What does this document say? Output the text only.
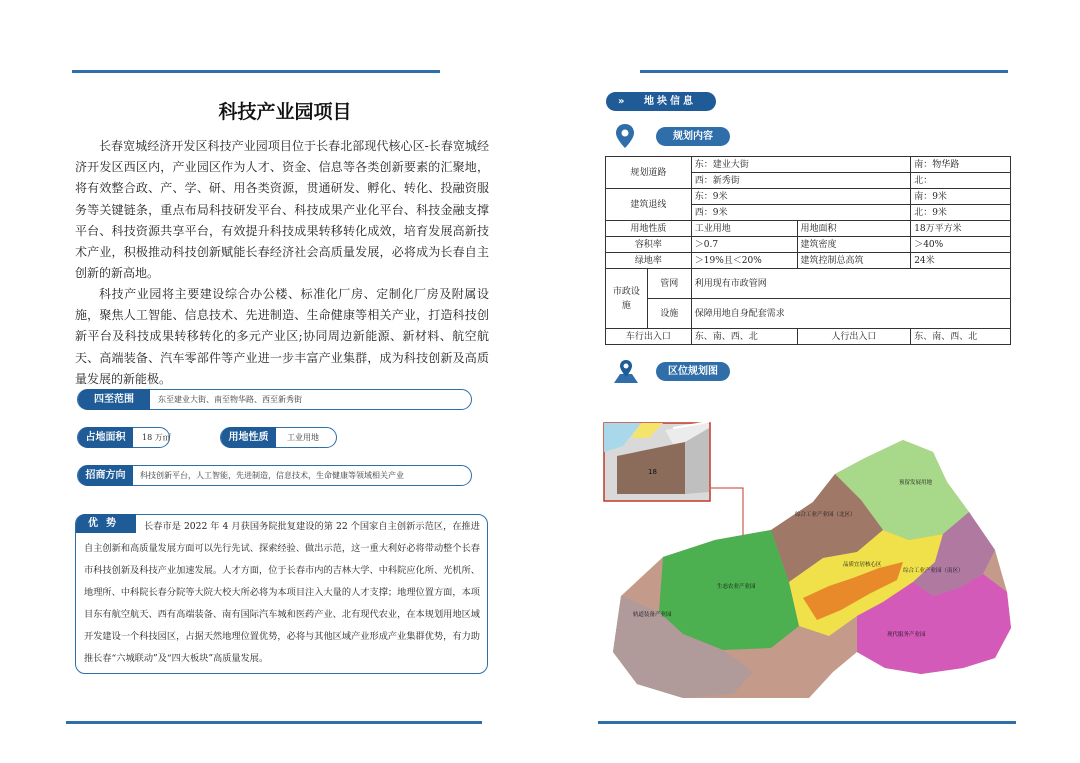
科技产业园项目
长春宽城经济开发区科技产业园项目位于长春北部现代核心区-长春宽城经济开发区西区内，产业园区作为人才、资金、信息等各类创新要素的汇聚地，将有效整合政、产、学、研、用各类资源，贯通研发、孵化、转化、投融资服务等关键链条，重点布局科技研发平台、科技成果产业化平台、科技金融支撑平台、科技资源共享平台，有效提升科技成果转移转化成效，培育发展高新技术产业，积极推动科技创新赋能长春经济社会高质量发展，必将成为长春自主创新的新高地。
科技产业园将主要建设综合办公楼、标准化厂房、定制化厂房及附属设施，聚焦人工智能、信息技术、先进制造、生命健康等相关产业，打造科技创新平台及科技成果转移转化的多元产业区;协同周边新能源、新材料、航空航天、高端装备、汽车零部件等产业进一步丰富产业集群，成为科技创新及高质量发展的新能极。
四至范围	东至建业大街、南至物华路、西至新秀街
占地面积	18 万㎡	用地性质	工业用地
招商方向	科技创新平台，人工智能，先进制造，信息技术，生命健康等领域相关产业
优势	长春市是 2022 年 4 月获国务院批复建设的第 22 个国家自主创新示范区，在推进自主创新和高质量发展方面可以先行先试、探索经验、做出示范，这一重大利好必将带动整个长春市科技创新及科技产业加速发展。人才方面，位于长春市内的吉林大学、中科院应化所、光机所、地理所、中科院长春分院等大院大校大所必将为本项目注入大量的人才支撑；地理位置方面，本项目东有航空航天、西有高端装备、南有国际汽车城和医药产业、北有现代农业，在本规划用地区域开发建设一个科技园区，占据天然地理位置优势，必将与其他区域产业形成产业集群优势，有力助推长春“六城联动”及“四大板块”高质量发展。
» 地块信息
规划内容
规划道路		东：建业大街		南：物华路
		西：新秀街		北：
建筑退线		东：9米		南：9米
		西：9米		北：9米
用地性质		工业用地	用地面积	18万平方米
容积率		＞0.7	建筑密度	＞40%
绿地率		＞19%且＜20%	建筑控制总高筑	24米
市政设施	管网	利用现有市政管网		
	设施	保障用地自身配套需求		
车行出入口		东、南、西、北	人行出入口	东、南、西、北
区位规划图
18
预留发展用地
综合工业产业园（北区）
品质宜居核心区
综合工业产业园（南区）
生态农业产业园
轨道装备产业园
现代服务产业园
